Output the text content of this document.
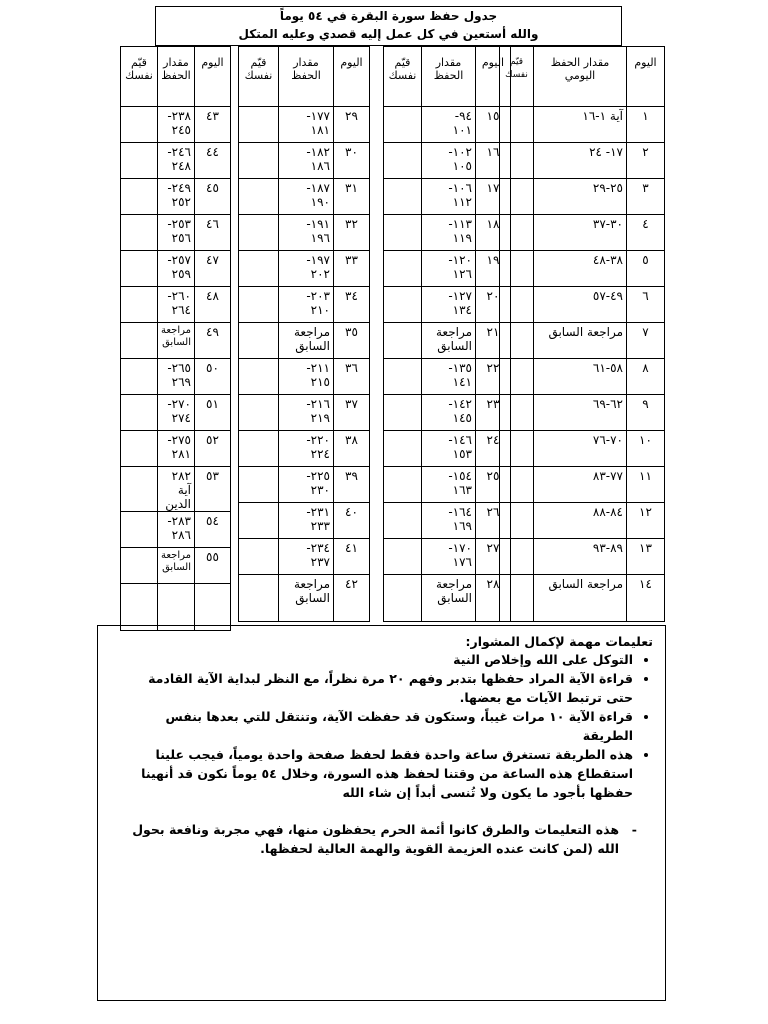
جدول حفظ سورة البقرة في ٥٤ يوماً
والله أستعين في كل عمل إليه قصدي وعليه المتكل
اليوم	مقدار الحفظ اليومي	قيّم نفسك
١	آية ١-١٦	
٢	١٧- ٢٤	
٣	٢٥-٢٩	
٤	٣٠-٣٧	
٥	٣٨-٤٨	
٦	٤٩-٥٧	
٧	مراجعة السابق	
٨	٥٨-٦١	
٩	٦٢-٦٩	
١٠	٧٠-٧٦	
١١	٧٧-٨٣	
١٢	٨٤-٨٨	
١٣	٨٩-٩٣	
١٤	مراجعة السابق	
اليوم	مقدار الحفظ	قيّم نفسك
١٥	٩٤-
١٠١	
١٦	١٠٢-
١٠٥	
١٧	١٠٦-
١١٢	
١٨	١١٣-
١١٩	
١٩	١٢٠-
١٢٦	
٢٠	١٢٧-
١٣٤	
٢١	مراجعة
السابق	
٢٢	١٣٥-
١٤١	
٢٣	١٤٢-
١٤٥	
٢٤	١٤٦-
١٥٣	
٢٥	١٥٤-
١٦٣	
٢٦	١٦٤-
١٦٩	
٢٧	١٧٠-
١٧٦	
٢٨	مراجعة
السابق	
اليوم	مقدار الحفظ	قيّم نفسك
٢٩	١٧٧-
١٨١	
٣٠	١٨٢-
١٨٦	
٣١	١٨٧-
١٩٠	
٣٢	١٩١-
١٩٦	
٣٣	١٩٧-
٢٠٢	
٣٤	٢٠٣-
٢١٠	
٣٥	مراجعة
السابق	
٣٦	٢١١-
٢١٥	
٣٧	٢١٦-
٢١٩	
٣٨	٢٢٠-
٢٢٤	
٣٩	٢٢٥-
٢٣٠	
٤٠	٢٣١-
٢٣٣	
٤١	٢٣٤-
٢٣٧	
٤٢	مراجعة
السابق	
اليوم	مقدار الحفظ	قيّم نفسك
٤٣	٢٣٨-
٢٤٥	
٤٤	٢٤٦-
٢٤٨	
٤٥	٢٤٩-
٢٥٢	
٤٦	٢٥٣-
٢٥٦	
٤٧	٢٥٧-
٢٥٩	
٤٨	٢٦٠-
٢٦٤	
٤٩	مراجعة
السابق	
٥٠	٢٦٥-
٢٦٩	
٥١	٢٧٠-
٢٧٤	
٥٢	٢٧٥-
٢٨١	
٥٣	٢٨٢
آية
الدين	
٥٤	٢٨٣-
٢٨٦	
٥٥	مراجعة
السابق	

تعليمات مهمة لإكمال المشوار:
• التوكل على الله وإخلاص النية
• قراءة الآية المراد حفظها بتدبر وفهم ٢٠ مرة نظراً، مع النظر لبداية الآية القادمة حتى ترتبط الآيات مع بعضها.
• قراءة الآية ١٠ مرات غيباً، وستكون قد حفظت الآية، وتنتقل للتي بعدها بنفس الطريقة
• هذه الطريقة تستغرق ساعة واحدة فقط لحفظ صفحة واحدة يومياً، فيجب علينا استقطاع هذه الساعة من وقتنا لحفظ هذه السورة، وخلال ٥٤ يوماً نكون قد أنهينا حفظها بأجود ما يكون ولا تُنسى أبداً إن شاء الله
-
هذه التعليمات والطرق كانوا أئمة الحرم يحفظون منها، فهي مجربة ونافعة بحول الله (لمن كانت عنده العزيمة القوية والهمة العالية لحفظها.
